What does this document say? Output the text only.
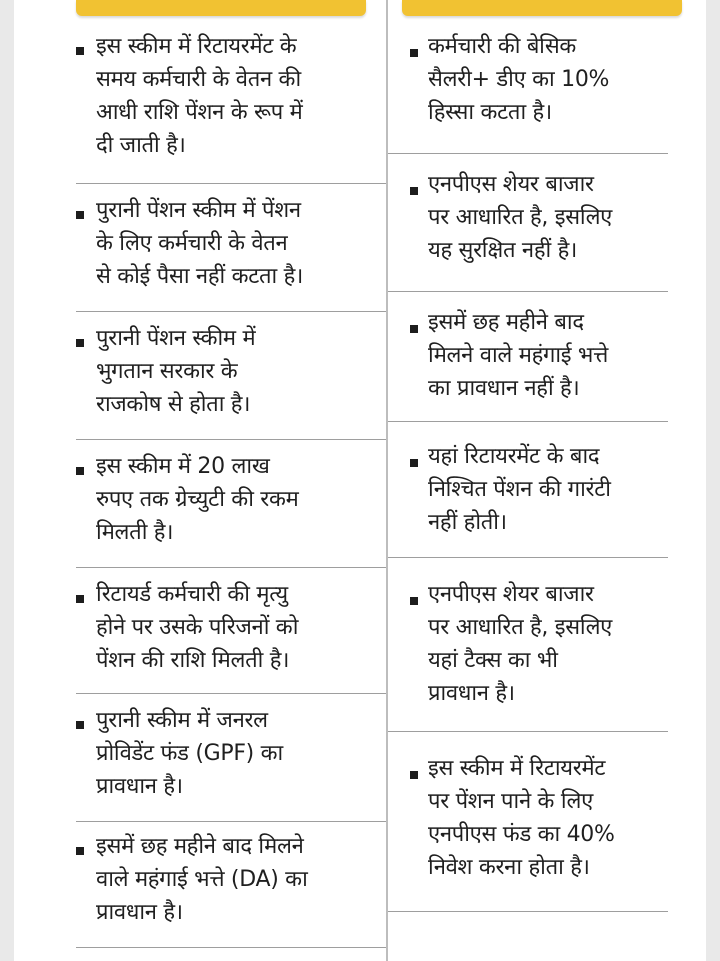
इस स्कीम में रिटायरमेंट के
समय कर्मचारी के वेतन की
आधी राशि पेंशन के रूप में
दी जाती है।
पुरानी पेंशन स्कीम में पेंशन
के लिए कर्मचारी के वेतन
से कोई पैसा नहीं कटता है।
पुरानी पेंशन स्कीम में
भुगतान सरकार के
राजकोष से होता है।
इस स्कीम में 20 लाख
रुपए तक ग्रेच्युटी की रकम
मिलती है।
रिटायर्ड कर्मचारी की मृत्यु
होने पर उसके परिजनों को
पेंशन की राशि मिलती है।
पुरानी स्कीम में जनरल
प्रोविडेंट फंड (GPF) का
प्रावधान है।
इसमें छह महीने बाद मिलने
वाले महंगाई भत्ते (DA) का
प्रावधान है।
कर्मचारी की बेसिक
सैलरी+ डीए का 10%
हिस्सा कटता है।
एनपीएस शेयर बाजार
पर आधारित है, इसलिए
यह सुरक्षित नहीं है।
इसमें छह महीने बाद
मिलने वाले महंगाई भत्ते
का प्रावधान नहीं है।
यहां रिटायरमेंट के बाद
निश्चित पेंशन की गारंटी
नहीं होती।
एनपीएस शेयर बाजार
पर आधारित है, इसलिए
यहां टैक्स का भी
प्रावधान है।
इस स्कीम में रिटायरमेंट
पर पेंशन पाने के लिए
एनपीएस फंड का 40%
निवेश करना होता है।
